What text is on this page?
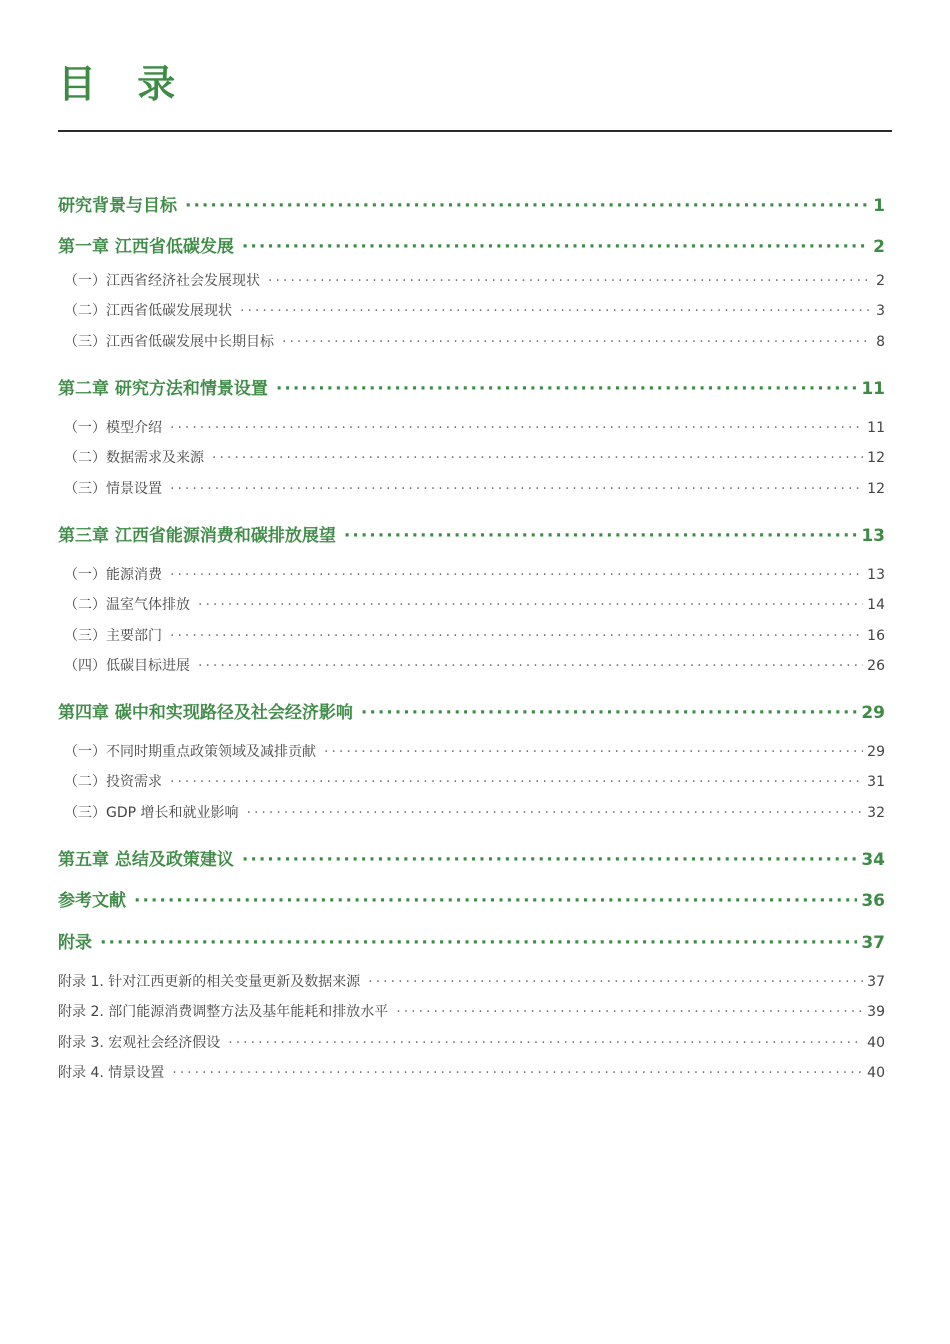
目 录
研究背景与目标 ·····	1
第一章 江西省低碳发展 ·····	2
（一）江西省经济社会发展现状 ·····	2
（二）江西省低碳发展现状 ·····	3
（三）江西省低碳发展中长期目标 ·····	8
第二章 研究方法和情景设置 ·····	11
（一）模型介绍 ·····	11
（二）数据需求及来源 ·····	12
（三）情景设置 ·····	12
第三章 江西省能源消费和碳排放展望 ·····	13
（一）能源消费 ·····	13
（二）温室气体排放 ·····	14
（三）主要部门 ·····	16
（四）低碳目标进展 ·····	26
第四章 碳中和实现路径及社会经济影响 ·····	29
（一）不同时期重点政策领域及减排贡献 ·····	29
（二）投资需求 ·····	31
（三）GDP 增长和就业影响 ·····	32
第五章 总结及政策建议 ·····	34
参考文献 ·····	36
附录 ·····	37
附录 1. 针对江西更新的相关变量更新及数据来源 ·····	37
附录 2. 部门能源消费调整方法及基年能耗和排放水平 ·····	39
附录 3. 宏观社会经济假设 ·····	40
附录 4. 情景设置 ·····	40
